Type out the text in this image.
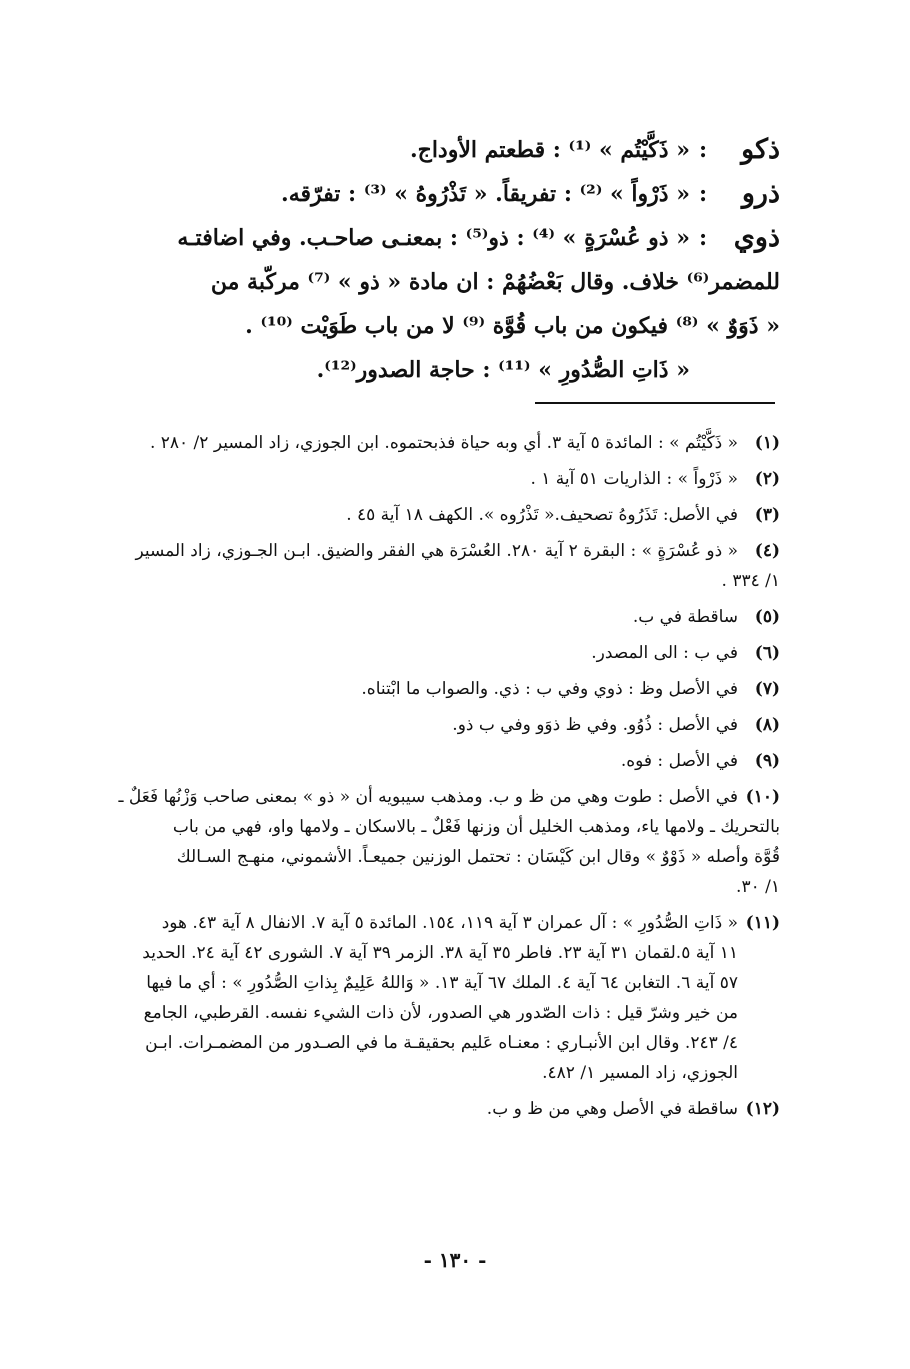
ذكو
:
« ذَكَّيْتُم » ⁽¹⁾ : قطعتم الأوداج.
ذرو
:
« ذَرْواً » ⁽²⁾ : تفريقاً. « تَذْرُوهُ » ⁽³⁾ : تفرّقه.
ذوي
:
« ذو عُسْرَةٍ » ⁽⁴⁾ : ذو⁽⁵⁾ : بمعنـى صاحـب. وفي اضافتـه
للمضمر⁽⁶⁾ خلاف. وقال بَعْضُهُمْ : ان مادة « ذو » ⁽⁷⁾ مركّبة من
« ذَوَوٌ » ⁽⁸⁾ فيكون من باب قُوَّة ⁽⁹⁾ لا من باب طَوَيْت ⁽¹⁰⁾ .
« ذَاتِ الصُّدُورِ » ⁽¹¹⁾ : حاجة الصدور⁽¹²⁾.
(١)
« ذَكَّيْتُم » : المائدة ٥ آية ٣. أي وبه حياة فذبحتموه. ابن الجوزي، زاد المسير ٢/ ٢٨٠ .
(٢)
« ذَرْواً » : الذاريات ٥١ آية ١ .
(٣)
في الأصل: تَذَرُوهُ تصحيف.« تَذْرُوه ». الكهف ١٨ آية ٤٥ .
(٤)
« ذو عُسْرَةٍ » : البقرة ٢ آية ٢٨٠. العُسْرَة هي الفقر والضيق. ابـن الجـوزي، زاد المسير
١/ ٣٣٤ .
(٥)
ساقطة في ب.
(٦)
في ب : الى المصدر.
(٧)
في الأصل وظ : ذوي وفي ب : ذي. والصواب ما ابْتناه.
(٨)
في الأصل : ذُوُو. وفي ظ ذوَو وفي ب ذو.
(٩)
في الأصل : فوه.
(١٠)
في الأصل : طوت وهي من ظ و ب. ومذهب سيبويه أن « ذو » بمعنى صاحب وَزْنُها فَعَلٌ ـ
بالتحريك ـ ولامها ياء، ومذهب الخليل أن وزنها فَعْلٌ ـ بالاسكان ـ ولامها واو، فهي من باب
قُوَّة وأصله « ذَوْوٌ » وقال ابن كَيْسَان : تحتمل الوزنين جميعـاً. الأشموني، منهـج السـالك
١/ ٣٠.
(١١)
« ذَاتِ الصُّدُورِ » : آل عمران ٣ آية ١١٩، ١٥٤. المائدة ٥ آية ٧. الانفال ٨ آية ٤٣. هود
١١ آية ٥.لقمان ٣١ آية ٢٣. فاطر ٣٥ آية ٣٨. الزمر ٣٩ آية ٧. الشورى ٤٢ آية ٢٤. الحديد
٥٧ آية ٦. التغابن ٦٤ آية ٤. الملك ٦٧ آية ١٣. « وَاللهُ عَلِيمٌ بِذاتِ الصُّدُورِ » : أي ما فيها
من خير وشرّ قيل : ذات الصّدور هي الصدور، لأن ذات الشيء نفسه. القرطبي، الجامع
٤/ ٢٤٣. وقال ابن الأنبـاري : معنـاه عَليم بحقيقـة ما في الصـدور من المضمـرات. ابـن
الجوزي، زاد المسير ١/ ٤٨٢.
(١٢)
ساقطة في الأصل وهي من ظ و ب.
- ١٣٠ -
